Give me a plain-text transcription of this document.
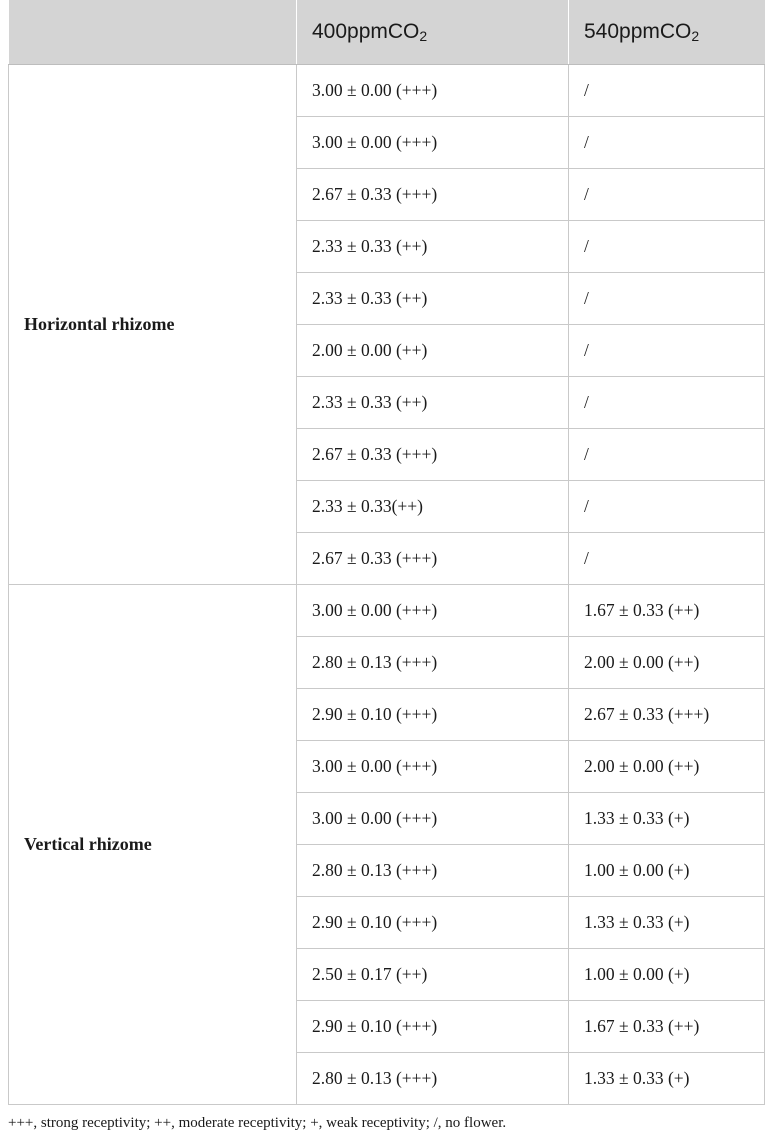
	400ppmCO$_2$	540ppmCO$_2$
Horizontal rhizome	3.00 ± 0.00 (+++)	/
	3.00 ± 0.00 (+++)	/
	2.67 ± 0.33 (+++)	/
	2.33 ± 0.33 (++)	/
	2.33 ± 0.33 (++)	/
	2.00 ± 0.00 (++)	/
	2.33 ± 0.33 (++)	/
	2.67 ± 0.33 (+++)	/
	2.33 ± 0.33(++)	/
	2.67 ± 0.33 (+++)	/
Vertical rhizome	3.00 ± 0.00 (+++)	1.67 ± 0.33 (++)
	2.80 ± 0.13 (+++)	2.00 ± 0.00 (++)
	2.90 ± 0.10 (+++)	2.67 ± 0.33 (+++)
	3.00 ± 0.00 (+++)	2.00 ± 0.00 (++)
	3.00 ± 0.00 (+++)	1.33 ± 0.33 (+)
	2.80 ± 0.13 (+++)	1.00 ± 0.00 (+)
	2.90 ± 0.10 (+++)	1.33 ± 0.33 (+)
	2.50 ± 0.17 (++)	1.00 ± 0.00 (+)
	2.90 ± 0.10 (+++)	1.67 ± 0.33 (++)
	2.80 ± 0.13 (+++)	1.33 ± 0.33 (+)
+++, strong receptivity; ++, moderate receptivity; +, weak receptivity; /, no flower.
